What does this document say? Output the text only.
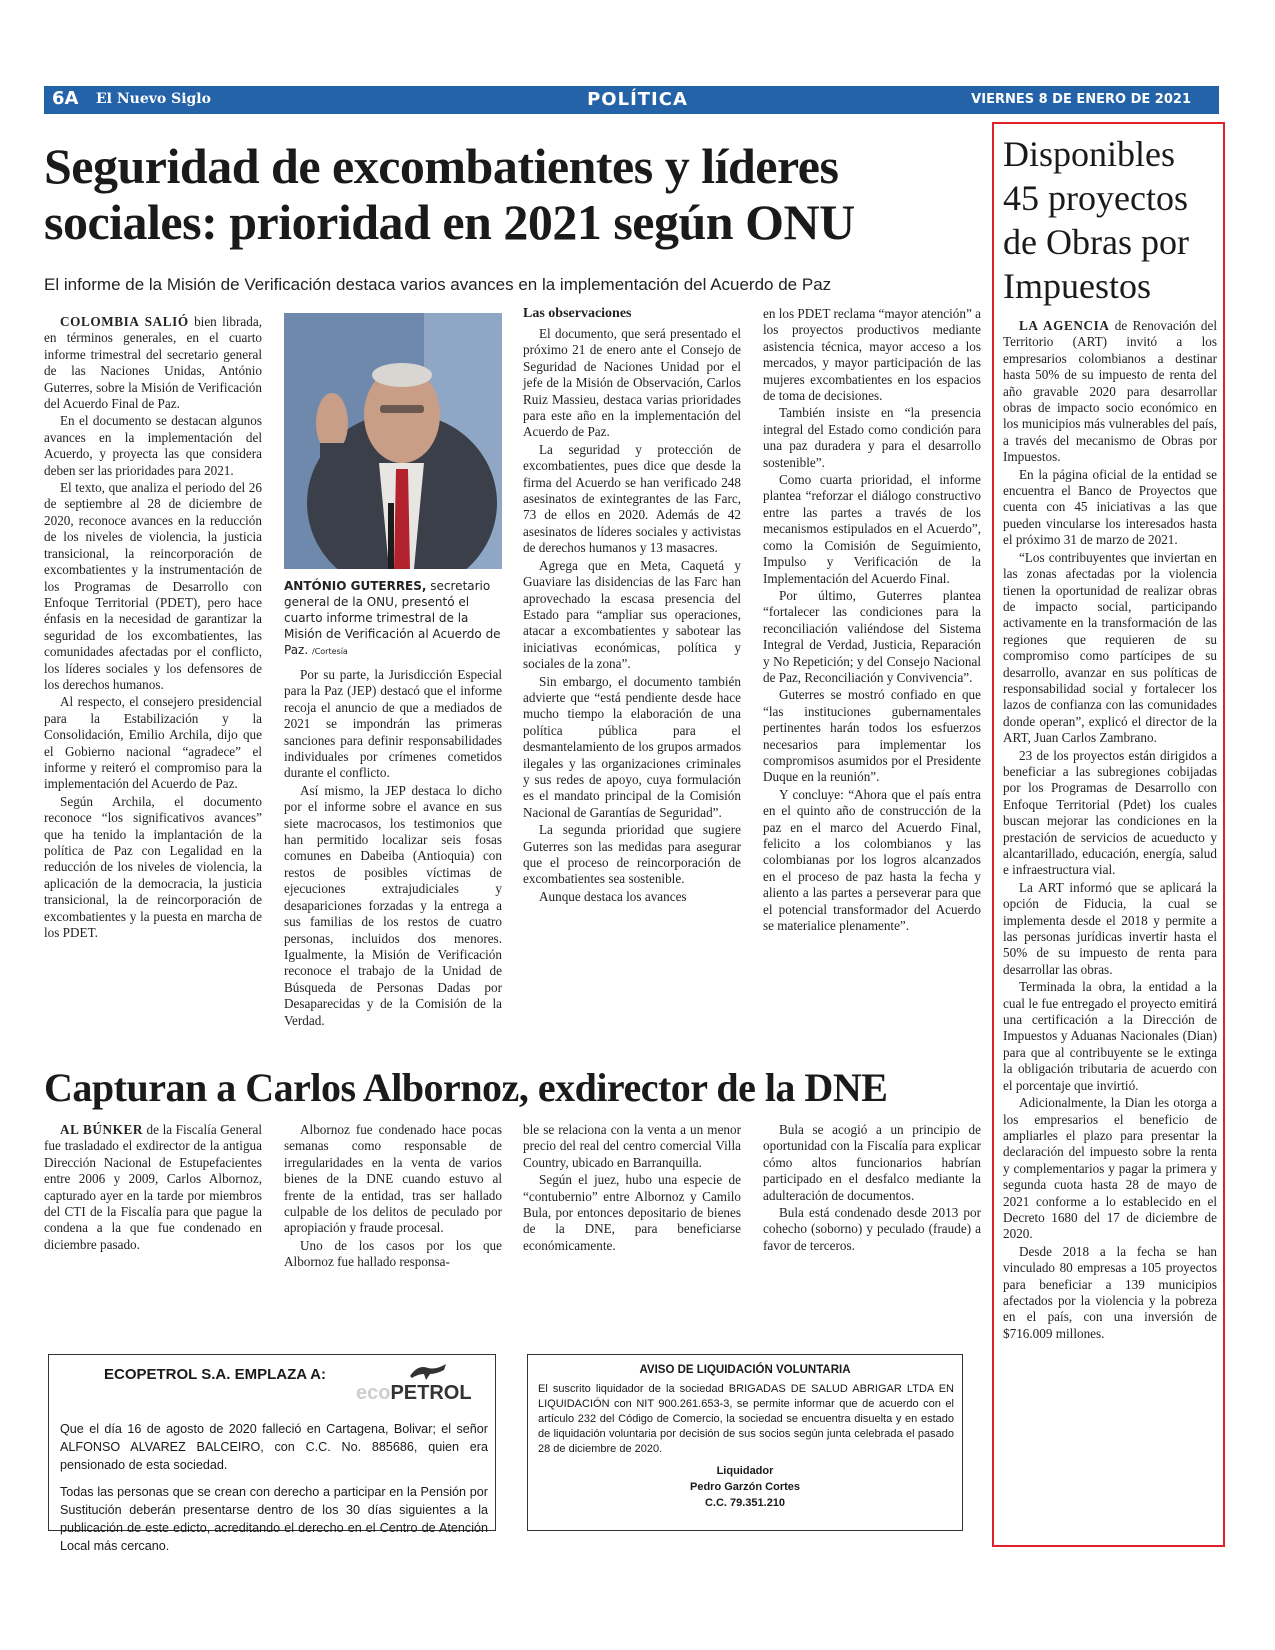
6A El Nuevo Siglo	POLÍTICA	VIERNES 8 DE ENERO DE 2021
Seguridad de excombatientes y líderes sociales: prioridad en 2021 según ONU
El informe de la Misión de Verificación destaca varios avances en la implementación del Acuerdo de Paz

COLOMBIA SALIÓ bien librada, en términos generales, en el cuarto informe trimestral del secretario general de las Naciones Unidas, António Guterres, sobre la Misión de Verificación del Acuerdo Final de Paz.

En el documento se destacan algunos avances en la implementación del Acuerdo, y proyecta las que considera deben ser las prioridades para 2021.

El texto, que analiza el periodo del 26 de septiembre al 28 de diciembre de 2020, reconoce avances en la reducción de los niveles de violencia, la justicia transicional, la reincorporación de excombatientes y la instrumentación de los Programas de Desarrollo con Enfoque Territorial (PDET), pero hace énfasis en la necesidad de garantizar la seguridad de los excombatientes, las comunidades afectadas por el conflicto, los líderes sociales y los defensores de los derechos humanos.

Al respecto, el consejero presidencial para la Estabilización y la Consolidación, Emilio Archila, dijo que el Gobierno nacional “agradece” el informe y reiteró el compromiso para la implementación del Acuerdo de Paz.

Según Archila, el documento reconoce “los significativos avances” que ha tenido la implantación de la política de Paz con Legalidad en la reducción de los niveles de violencia, la aplicación de la democracia, la justicia transicional, la de reincorporación de excombatientes y la puesta en marcha de los PDET.

ANTÓNIO GUTERRES, secretario general de la ONU, presentó el cuarto informe trimestral de la Misión de Verificación al Acuerdo de Paz. /Cortesía

Por su parte, la Jurisdicción Especial para la Paz (JEP) destacó que el informe recoja el anuncio de que a mediados de 2021 se impondrán las primeras sanciones para definir responsabilidades individuales por crímenes cometidos durante el conflicto.

Así mismo, la JEP destaca lo dicho por el informe sobre el avance en sus siete macrocasos, los testimonios que han permitido localizar seis fosas comunes en Dabeiba (Antioquia) con restos de posibles víctimas de ejecuciones extrajudiciales y desapariciones forzadas y la entrega a sus familias de los restos de cuatro personas, incluidos dos menores. Igualmente, la Misión de Verificación reconoce el trabajo de la Unidad de Búsqueda de Personas Dadas por Desaparecidas y de la Comisión de la Verdad.

Las observaciones

El documento, que será presentado el próximo 21 de enero ante el Consejo de Seguridad de Naciones Unidad por el jefe de la Misión de Observación, Carlos Ruiz Massieu, destaca varias prioridades para este año en la implementación del Acuerdo de Paz.

La seguridad y protección de excombatientes, pues dice que desde la firma del Acuerdo se han verificado 248 asesinatos de exintegrantes de las Farc, 73 de ellos en 2020. Además de 42 asesinatos de líderes sociales y activistas de derechos humanos y 13 masacres.

Agrega que en Meta, Caquetá y Guaviare las disidencias de las Farc han aprovechado la escasa presencia del Estado para “ampliar sus operaciones, atacar a excombatientes y sabotear las iniciativas económicas, política y sociales de la zona”.

Sin embargo, el documento también advierte que “está pendiente desde hace mucho tiempo la elaboración de una política pública para el desmantelamiento de los grupos armados ilegales y las organizaciones criminales y sus redes de apoyo, cuya formulación es el mandato principal de la Comisión Nacional de Garantías de Seguridad”.

La segunda prioridad que sugiere Guterres son las medidas para asegurar que el proceso de reincorporación de excombatientes sea sostenible.

Aunque destaca los avances

en los PDET reclama “mayor atención” a los proyectos productivos mediante asistencia técnica, mayor acceso a los mercados, y mayor participación de las mujeres excombatientes en los espacios de toma de decisiones.

También insiste en “la presencia integral del Estado como condición para una paz duradera y para el desarrollo sostenible”.

Como cuarta prioridad, el informe plantea “reforzar el diálogo constructivo entre las partes a través de los mecanismos estipulados en el Acuerdo”, como la Comisión de Seguimiento, Impulso y Verificación de la Implementación del Acuerdo Final.

Por último, Guterres plantea “fortalecer las condiciones para la reconciliación valiéndose del Sistema Integral de Verdad, Justicia, Reparación y No Repetición; y del Consejo Nacional de Paz, Reconciliación y Convivencia”.

Guterres se mostró confiado en que “las instituciones gubernamentales pertinentes harán todos los esfuerzos necesarios para implementar los compromisos asumidos por el Presidente Duque en la reunión”.

Y concluye: “Ahora que el país entra en el quinto año de construcción de la paz en el marco del Acuerdo Final, felicito a los colombianos y las colombianas por los logros alcanzados en el proceso de paz hasta la fecha y aliento a las partes a perseverar para que el potencial transformador del Acuerdo se materialice plenamente”.

Capturan a Carlos Albornoz, exdirector de la DNE

AL BÚNKER de la Fiscalía General fue trasladado el exdirector de la antigua Dirección Nacional de Estupefacientes entre 2006 y 2009, Carlos Albornoz, capturado ayer en la tarde por miembros del CTI de la Fiscalía para que pague la condena a la que fue condenado en diciembre pasado.

Albornoz fue condenado hace pocas semanas como responsable de irregularidades en la venta de varios bienes de la DNE cuando estuvo al frente de la entidad, tras ser hallado culpable de los delitos de peculado por apropiación y fraude procesal.

Uno de los casos por los que Albornoz fue hallado responsa-

ble se relaciona con la venta a un menor precio del real del centro comercial Villa Country, ubicado en Barranquilla.

Según el juez, hubo una especie de “contubernio” entre Albornoz y Camilo Bula, por entonces depositario de bienes de la DNE, para beneficiarse económicamente.

Bula se acogió a un principio de oportunidad con la Fiscalía para explicar cómo altos funcionarios habrían participado en el desfalco mediante la adulteración de documentos.

Bula está condenado desde 2013 por cohecho (soborno) y peculado (fraude) a favor de terceros.

Disponibles 45 proyectos de Obras por Impuestos

LA AGENCIA de Renovación del Territorio (ART) invitó a los empresarios colombianos a destinar hasta 50% de su impuesto de renta del año gravable 2020 para desarrollar obras de impacto socio económico en los municipios más vulnerables del país, a través del mecanismo de Obras por Impuestos.

En la página oficial de la entidad se encuentra el Banco de Proyectos que cuenta con 45 iniciativas a las que pueden vincularse los interesados hasta el próximo 31 de marzo de 2021.

“Los contribuyentes que inviertan en las zonas afectadas por la violencia tienen la oportunidad de realizar obras de impacto social, participando activamente en la transformación de las regiones que requieren de su compromiso como partícipes de su desarrollo, avanzar en sus políticas de responsabilidad social y fortalecer los lazos de confianza con las comunidades donde operan”, explicó el director de la ART, Juan Carlos Zambrano.

23 de los proyectos están dirigidos a beneficiar a las subregiones cobijadas por los Programas de Desarrollo con Enfoque Territorial (Pdet) los cuales buscan mejorar las condiciones en la prestación de servicios de acueducto y alcantarillado, educación, energía, salud e infraestructura vial.

La ART informó que se aplicará la opción de Fiducia, la cual se implementa desde el 2018 y permite a las personas jurídicas invertir hasta el 50% de su impuesto de renta para desarrollar las obras.

Terminada la obra, la entidad a la cual le fue entregado el proyecto emitirá una certificación a la Dirección de Impuestos y Aduanas Nacionales (Dian) para que al contribuyente se le extinga la obligación tributaria de acuerdo con el porcentaje que invirtió.

Adicionalmente, la Dian les otorga a los empresarios el beneficio de ampliarles el plazo para presentar la declaración del impuesto sobre la renta y complementarios y pagar la primera y segunda cuota hasta 28 de mayo de 2021 conforme a lo establecido en el Decreto 1680 del 17 de diciembre de 2020.

Desde 2018 a la fecha se han vinculado 80 empresas a 105 proyectos para beneficiar a 139 municipios afectados por la violencia y la pobreza en el país, con una inversión de $716.009 millones.

ECOPETROL S.A. EMPLAZA A:
ecoPETROL
Que el día 16 de agosto de 2020 falleció en Cartagena, Bolivar; el señor ALFONSO ALVAREZ BALCEIRO, con C.C. No. 885686, quien era pensionado de esta sociedad.
Todas las personas que se crean con derecho a participar en la Pensión por Sustitución deberán presentarse dentro de los 30 días siguientes a la publicación de este edicto, acreditando el derecho en el Centro de Atención Local más cercano.
AVISO DE LIQUIDACIÓN VOLUNTARIA
El suscrito liquidador de la sociedad BRIGADAS DE SALUD ABRIGAR LTDA EN LIQUIDACIÓN con NIT 900.261.653-3, se permite informar que de acuerdo con el artículo 232 del Código de Comercio, la sociedad se encuentra disuelta y en estado de liquidación voluntaria por decisión de sus socios según junta celebrada el pasado 28 de diciembre de 2020.
Liquidador
Pedro Garzón Cortes
C.C. 79.351.210
